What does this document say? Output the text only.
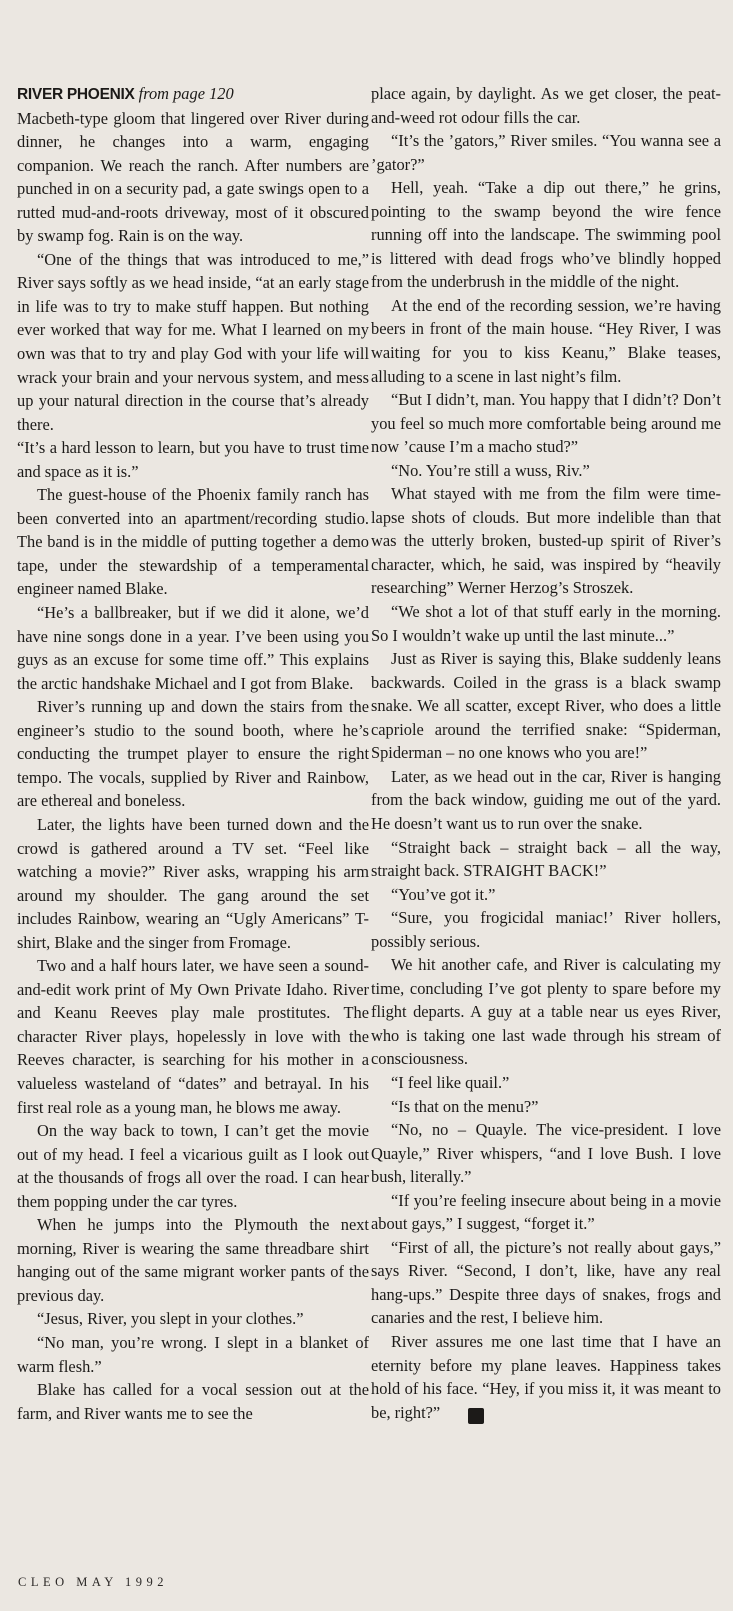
RIVER PHOENIX from page 120
Macbeth-type gloom that lingered over River during dinner, he changes into a warm, engaging companion. We reach the ranch. After numbers are punched in on a security pad, a gate swings open to a rutted mud-and-roots driveway, most of it obscured by swamp fog. Rain is on the way.

“One of the things that was introduced to me,” River says softly as we head inside, “at an early stage in life was to try to make stuff happen. But nothing ever worked that way for me. What I learned on my own was that to try and play God with your life will wrack your brain and your nervous system, and mess up your natural direction in the course that’s already there.

“It’s a hard lesson to learn, but you have to trust time and space as it is.”

The guest-house of the Phoenix family ranch has been converted into an apartment/recording studio. The band is in the middle of putting together a demo tape, under the stewardship of a temperamental engineer named Blake.

“He’s a ballbreaker, but if we did it alone, we’d have nine songs done in a year. I’ve been using you guys as an excuse for some time off.” This explains the arctic handshake Michael and I got from Blake.

River’s running up and down the stairs from the engineer’s studio to the sound booth, where he’s conducting the trumpet player to ensure the right tempo. The vocals, supplied by River and Rainbow, are ethereal and boneless.

Later, the lights have been turned down and the crowd is gathered around a TV set. “Feel like watching a movie?” River asks, wrapping his arm around my shoulder. The gang around the set includes Rainbow, wearing an “Ugly Americans” T-shirt, Blake and the singer from Fromage.

Two and a half hours later, we have seen a sound-and-edit work print of My Own Private Idaho. River and Keanu Reeves play male prostitutes. The character River plays, hopelessly in love with the Reeves character, is searching for his mother in a valueless wasteland of “dates” and betrayal. In his first real role as a young man, he blows me away.

On the way back to town, I can’t get the movie out of my head. I feel a vicarious guilt as I look out at the thousands of frogs all over the road. I can hear them popping under the car tyres.

When he jumps into the Plymouth the next morning, River is wearing the same threadbare shirt hanging out of the same migrant worker pants of the previous day.

“Jesus, River, you slept in your clothes.”

“No man, you’re wrong. I slept in a blanket of warm flesh.”

Blake has called for a vocal session out at the farm, and River wants me to see the

place again, by daylight. As we get closer, the peat-and-weed rot odour fills the car.

“It’s the ’gators,” River smiles. “You wanna see a ’gator?”

Hell, yeah. “Take a dip out there,” he grins, pointing to the swamp beyond the wire fence running off into the landscape. The swimming pool is littered with dead frogs who’ve blindly hopped from the underbrush in the middle of the night.

At the end of the recording session, we’re having beers in front of the main house. “Hey River, I was waiting for you to kiss Keanu,” Blake teases, alluding to a scene in last night’s film.

“But I didn’t, man. You happy that I didn’t? Don’t you feel so much more comfortable being around me now ’cause I’m a macho stud?”

“No. You’re still a wuss, Riv.”

What stayed with me from the film were time-lapse shots of clouds. But more indelible than that was the utterly broken, busted-up spirit of River’s character, which, he said, was inspired by “heavily researching” Werner Herzog’s Stroszek.

“We shot a lot of that stuff early in the morning. So I wouldn’t wake up until the last minute...”

Just as River is saying this, Blake suddenly leans backwards. Coiled in the grass is a black swamp snake. We all scatter, except River, who does a little capriole around the terrified snake: “Spiderman, Spiderman – no one knows who you are!”

Later, as we head out in the car, River is hanging from the back window, guiding me out of the yard. He doesn’t want us to run over the snake.

“Straight back – straight back – all the way, straight back. STRAIGHT BACK!”

“You’ve got it.”

“Sure, you frogicidal maniac!’ River hollers, possibly serious.

We hit another cafe, and River is calculating my time, concluding I’ve got plenty to spare before my flight departs. A guy at a table near us eyes River, who is taking one last wade through his stream of consciousness.

“I feel like quail.”

“Is that on the menu?”

“No, no – Quayle. The vice-president. I love Quayle,” River whispers, “and I love Bush. I love bush, literally.”

“If you’re feeling insecure about being in a movie about gays,” I suggest, “forget it.”

“First of all, the picture’s not really about gays,” says River. “Second, I don’t, like, have any real hang-ups.” Despite three days of snakes, frogs and canaries and the rest, I believe him.

River assures me one last time that I have an eternity before my plane leaves. Happiness takes hold of his face. “Hey, if you miss it, it was meant to be, right?”	C

CLEO MAY 1992
